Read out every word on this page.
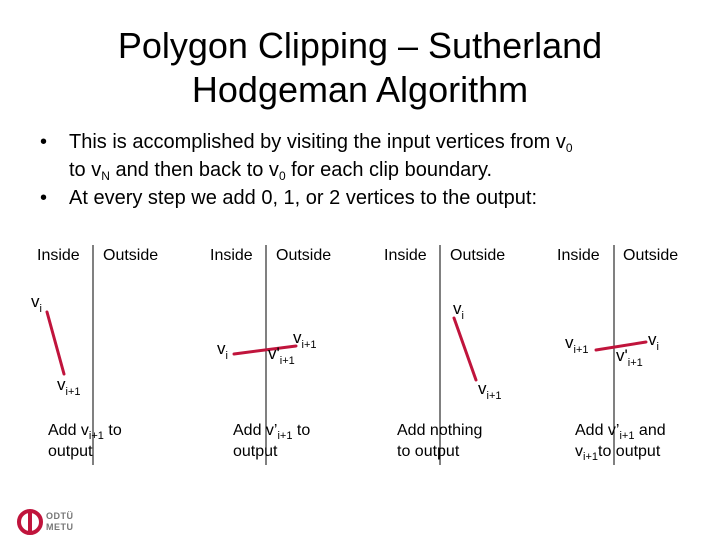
Polygon Clipping – Sutherland
Hodgeman Algorithm
• This is accomplished by visiting the input vertices from $v_0$
to $v_N$ and then back to $v_0$ for each clip boundary.
• At every step we add 0, 1, or 2 vertices to the output:
Inside Outside	Inside Outside	Inside Outside	Inside Outside
$v_i$
$v_{i+1}$
$v_i$
$v_{i+1}$
$v'_{i+1}$
$v_i$
$v_{i+1}$
$v_{i+1}$
$v_i$
$v'_{i+1}$
Add $v_{i+1}$ to
output
Add $v’_{i+1}$ to
output
Add nothing
to output
Add $v’_{i+1}$ and
$v_{i+1}to$ output
ODTÜ
METU
